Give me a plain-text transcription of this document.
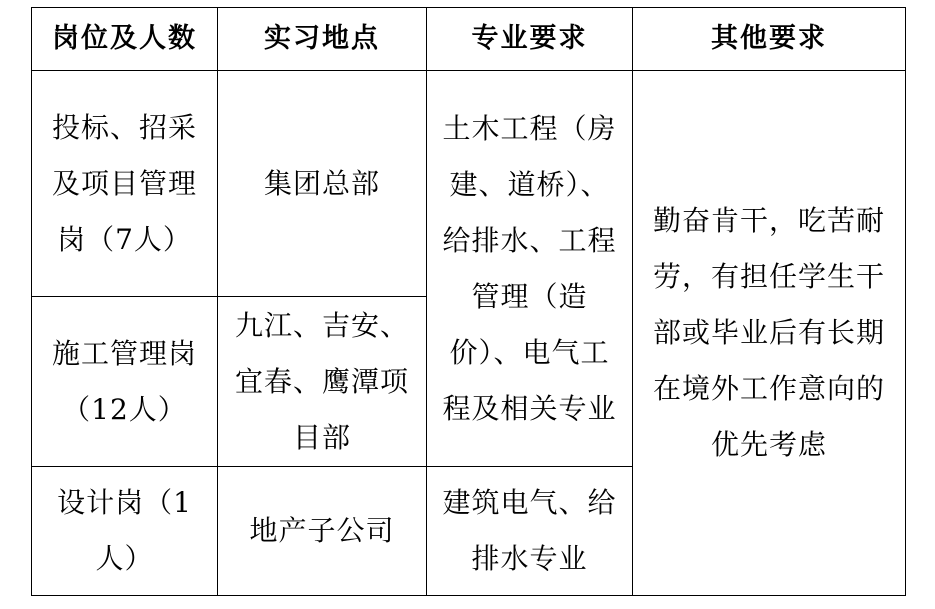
岗位及人数	实习地点	专业要求	其他要求
投标、招采及项目管理岗（7人）	集团总部	土木工程（房建、道桥）、给排水、工程管理（造价）、电气工程及相关专业	勤奋肯干，吃苦耐劳，有担任学生干部或毕业后有长期在境外工作意向的优先考虑
施工管理岗（12人）	九江、吉安、宜春、鹰潭项目部		
设计岗（1人）	地产子公司	建筑电气、给排水专业	
